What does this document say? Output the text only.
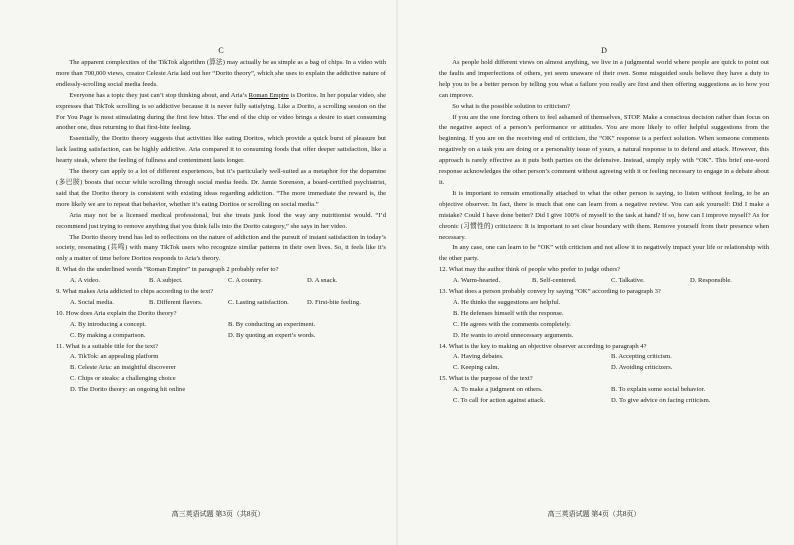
C

The apparent complexities of the TikTok algorithm (算法) may actually be as simple as a bag of chips. In a video with more than 700,000 views, creator Celeste Aria laid out her “Dorito theory”, which she uses to explain the addictive nature of endlessly-scrolling social media feeds.

Everyone has a topic they just can’t stop thinking about, and Aria’s Roman Empire is Doritos. In her popular video, she expresses that TikTok scrolling is so addictive because it is never fully satisfying. Like a Dorito, a scrolling session on the For You Page is most stimulating during the first few bites. The end of the chip or video brings a desire to start consuming another one, thus returning to that first-bite feeling.

Essentially, the Dorito theory suggests that activities like eating Doritos, which provide a quick burst of pleasure but lack lasting satisfaction, can be highly addictive. Aria compared it to consuming foods that offer deeper satisfaction, like a hearty steak, where the feeling of fullness and contentment lasts longer.

The theory can apply to a lot of different experiences, but it’s particularly well-suited as a metaphor for the dopamine (多巴胺) boosts that occur while scrolling through social media feeds. Dr. Jamie Sorenson, a board-certified psychiatrist, said that the Dorito theory is consistent with existing ideas regarding addiction. “The more immediate the reward is, the more likely we are to repeat that behavior, whether it’s eating Doritos or scrolling on social media.”

Aria may not be a licensed medical professional, but she treats junk food the way any nutritionist would. “I’d recommend just trying to remove anything that you think falls into the Dorito category,” she says in her video.

The Dorito theory trend has led to reflections on the nature of addiction and the pursuit of instant satisfaction in today’s society, resonating (共鸣) with many TikTok users who recognize similar patterns in their own lives. So, it feels like it’s only a matter of time before Doritos responds to Aria’s theory.

8. What do the underlined words “Roman Empire” in paragraph 2 probably refer to?

A. A video.	B. A subject.	C. A country.	D. A snack.

9. What makes Aria addicted to chips according to the text?

A. Social media.	B. Different flavors.	C. Lasting satisfaction.	D. First-bite feeling.

10. How does Aria explain the Dorito theory?

A. By introducing a concept.	B. By conducting an experiment.
C. By making a comparison.	D. By quoting an expert’s words.

11. What is a suitable title for the text?

A. TikTok: an appealing platform
B. Celeste Aria: an insightful discoverer
C. Chips or steaks: a challenging choice
D. The Dorito theory: an ongoing hit online

D

As people hold different views on almost anything, we live in a judgmental world where people are quick to point out the faults and imperfections of others, yet seem unaware of their own. Some misguided souls believe they have a duty to help you to be a better person by telling you what a failure you really are first and then offering suggestions as to how you can improve.

So what is the possible solution to criticism?

If you are the one forcing others to feel ashamed of themselves, STOP. Make a conscious decision rather than focus on the negative aspect of a person’s performance or attitudes. You are more likely to offer helpful suggestions from the beginning. If you are on the receiving end of criticism, the “OK” response is a perfect solution. When someone comments negatively on a task you are doing or a personality issue of yours, a natural response is to defend and attack. However, this approach is rarely effective as it puts both parties on the defensive. Instead, simply reply with “OK”. This brief one-word response acknowledges the other person’s comment without agreeing with it or feeling necessary to engage in a debate about it.

It is important to remain emotionally attached to what the other person is saying, to listen without feeling, to be an objective observer. In fact, there is much that one can learn from a negative review. You can ask yourself: Did I make a mistake? Could I have done better? Did I give 100% of myself to the task at hand? If so, how can I improve myself? As for chronic (习惯性的) criticizers: It is important to set clear boundary with them. Remove yourself from their presence when necessary.

In any case, one can learn to be “OK” with criticism and not allow it to negatively impact your life or relationship with the other party.

12. What may the author think of people who prefer to judge others?

A. Warm-hearted.	B. Self-centered.	C. Talkative.	D. Responsible.

13. What does a person probably convey by saying “OK” according to paragraph 3?

A. He thinks the suggestions are helpful.
B. He defenses himself with the response.
C. He agrees with the comments completely.
D. He wants to avoid unnecessary arguments.

14. What is the key to making an objective observer according to paragraph 4?

A. Having debates.	B. Accepting criticism.
C. Keeping calm.	D. Avoiding criticizers.

15. What is the purpose of the text?

A. To make a judgment on others.	B. To explain some social behavior.
C. To call for action against attack.	D. To give advice on facing criticism.
高三英语试题 第3页（共8页）	高三英语试题 第4页（共8页）
